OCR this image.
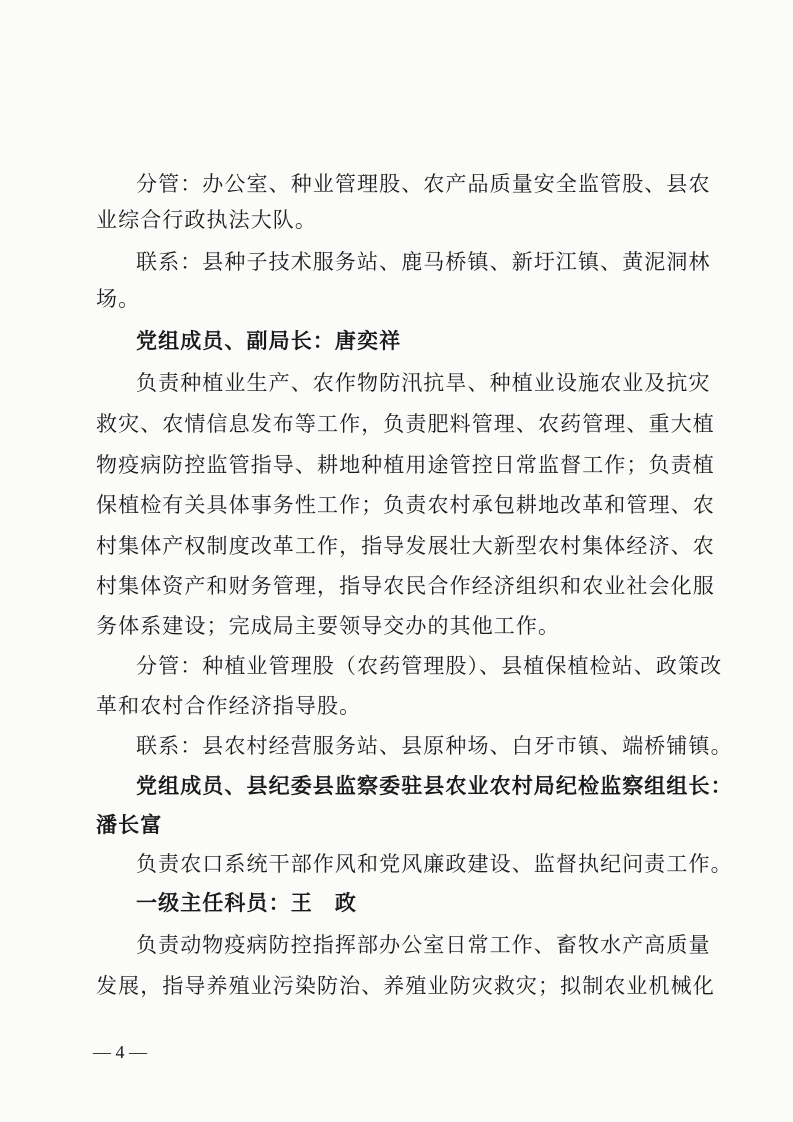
分管：办公室、种业管理股、农产品质量安全监管股、县农
业综合行政执法大队。
联系：县种子技术服务站、鹿马桥镇、新圩江镇、黄泥洞林
场。
党组成员、副局长：唐奕祥
负责种植业生产、农作物防汛抗旱、种植业设施农业及抗灾
救灾、农情信息发布等工作，负责肥料管理、农药管理、重大植
物疫病防控监管指导、耕地种植用途管控日常监督工作；负责植
保植检有关具体事务性工作；负责农村承包耕地改革和管理、农
村集体产权制度改革工作，指导发展壮大新型农村集体经济、农
村集体资产和财务管理，指导农民合作经济组织和农业社会化服
务体系建设；完成局主要领导交办的其他工作。
分管：种植业管理股（农药管理股）、县植保植检站、政策改
革和农村合作经济指导股。
联系：县农村经营服务站、县原种场、白牙市镇、端桥铺镇。
党组成员、县纪委县监察委驻县农业农村局纪检监察组组长：
潘长富
负责农口系统干部作风和党风廉政建设、监督执纪问责工作。
一级主任科员：王　政
负责动物疫病防控指挥部办公室日常工作、畜牧水产高质量
发展，指导养殖业污染防治、养殖业防灾救灾；拟制农业机械化
— 4 —
